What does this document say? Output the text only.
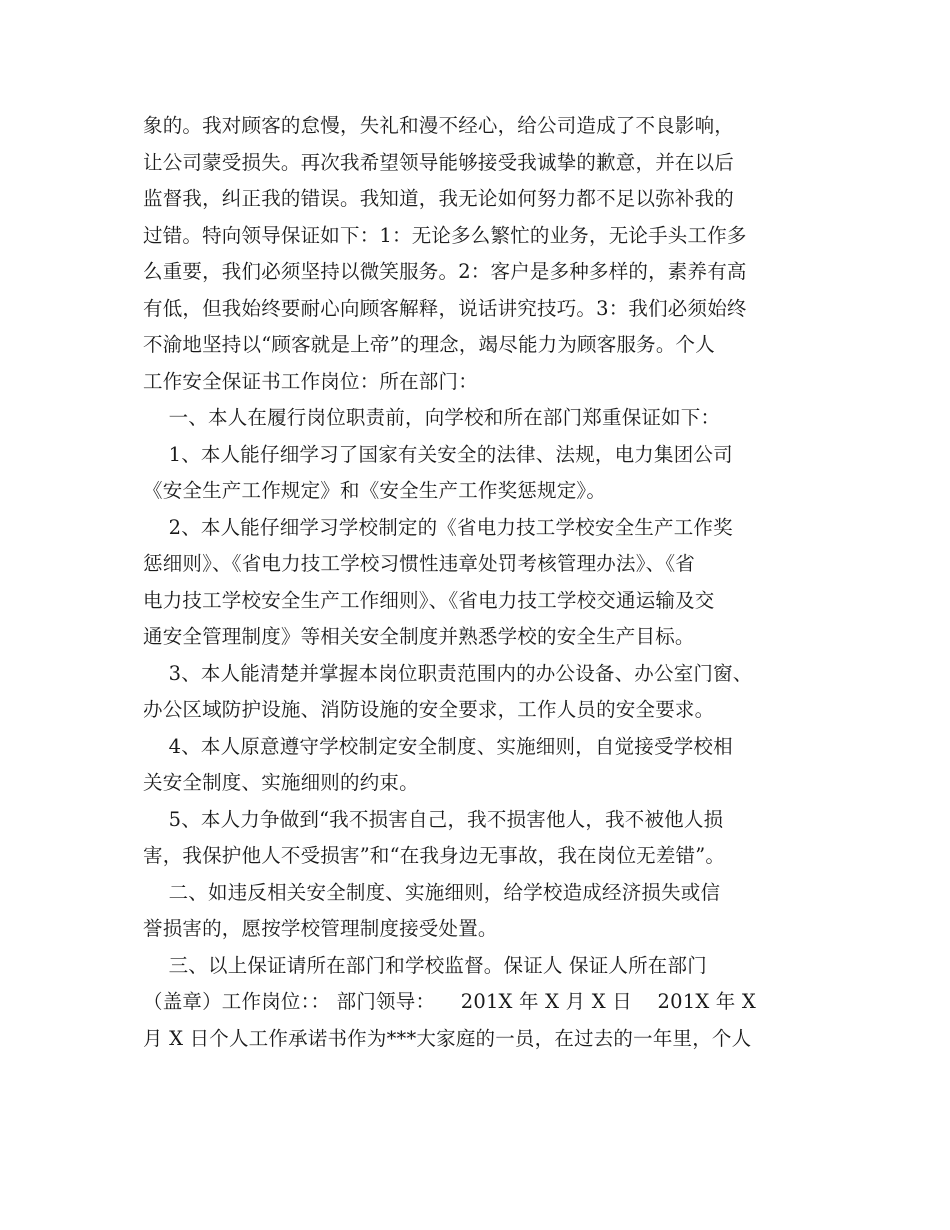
象的。我对顾客的怠慢，失礼和漫不经心，给公司造成了不良影响，
让公司蒙受损失。再次我希望领导能够接受我诚挚的歉意，并在以后
监督我，纠正我的错误。我知道，我无论如何努力都不足以弥补我的
过错。特向领导保证如下：1：无论多么繁忙的业务，无论手头工作多
么重要，我们必须坚持以微笑服务。2：客户是多种多样的，素养有高
有低，但我始终要耐心向顾客解释，说话讲究技巧。3：我们必须始终
不渝地坚持以“顾客就是上帝”的理念，竭尽能力为顾客服务。个人
工作安全保证书工作岗位：所在部门：
一、本人在履行岗位职责前，向学校和所在部门郑重保证如下：
1、本人能仔细学习了国家有关安全的法律、法规，电力集团公司
《安全生产工作规定》和《安全生产工作奖惩规定》。
2、本人能仔细学习学校制定的《省电力技工学校安全生产工作奖
惩细则》、《省电力技工学校习惯性违章处罚考核管理办法》、《省
电力技工学校安全生产工作细则》、《省电力技工学校交通运输及交
通安全管理制度》等相关安全制度并熟悉学校的安全生产目标。
3、本人能清楚并掌握本岗位职责范围内的办公设备、办公室门窗、
办公区域防护设施、消防设施的安全要求，工作人员的安全要求。
4、本人原意遵守学校制定安全制度、实施细则，自觉接受学校相
关安全制度、实施细则的约束。
5、本人力争做到“我不损害自己，我不损害他人，我不被他人损
害，我保护他人不受损害”和“在我身边无事故，我在岗位无差错”。
二、如违反相关安全制度、实施细则，给学校造成经济损失或信
誉损害的，愿按学校管理制度接受处置。
三、以上保证请所在部门和学校监督。保证人 保证人所在部门
（盖章）工作岗位：： 部门领导：    201X 年 X 月 X 日    201X 年 X
月 X 日个人工作承诺书作为***大家庭的一员，在过去的一年里，个人
